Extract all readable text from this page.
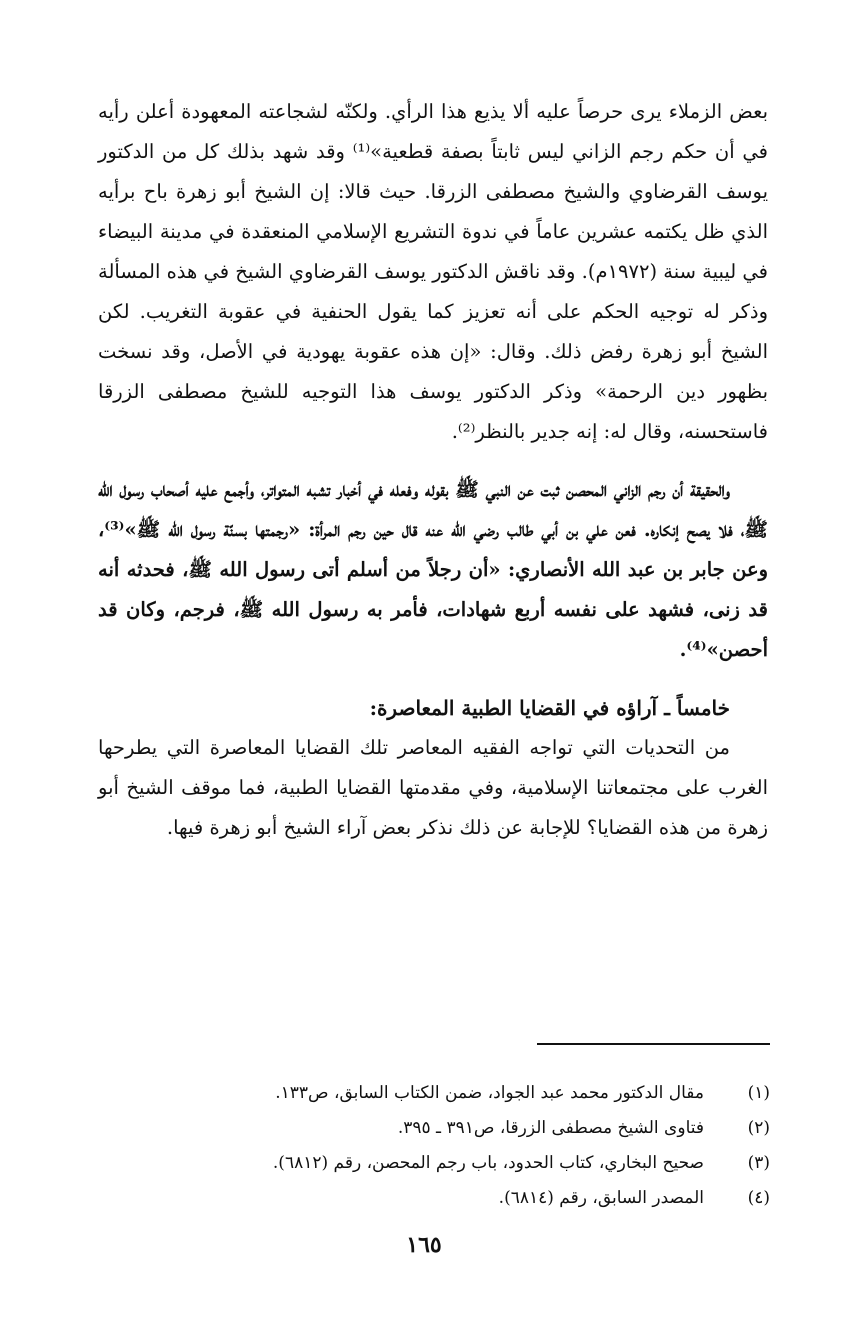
بعض الزملاء يرى حرصاً عليه ألا يذيع هذا الرأي. ولكنّه لشجاعته المعهودة أعلن رأيه في أن حكم رجم الزاني ليس ثابتاً بصفة قطعية»⁽¹⁾ وقد شهد بذلك كل من الدكتور يوسف القرضاوي والشيخ مصطفى الزرقا. حيث قالا: إن الشيخ أبو زهرة باح برأيه الذي ظل يكتمه عشرين عاماً في ندوة التشريع الإسلامي المنعقدة في مدينة البيضاء في ليبية سنة (١٩٧٢م). وقد ناقش الدكتور يوسف القرضاوي الشيخ في هذه المسألة وذكر له توجيه الحكم على أنه تعزيز كما يقول الحنفية في عقوبة التغريب. لكن الشيخ أبو زهرة رفض ذلك. وقال: «إن هذه عقوبة يهودية في الأصل، وقد نسخت بظهور دين الرحمة» وذكر الدكتور يوسف هذا التوجيه للشيخ مصطفى الزرقا فاستحسنه، وقال له: إنه جدير بالنظر⁽²⁾.

والحقيقة أن رجم الزاني المحصن ثبت عن النبي ﷺ بقوله وفعله في أخبار تشبه المتواتر، وأجمع عليه أصحاب رسول الله ﷺ، فلا يصح إنكاره. فعن علي بن أبي طالب رضي الله عنه قال حين رجم المرأة: «رجمتها بسنّة رسول الله ﷺ»⁽³⁾، وعن جابر بن عبد الله الأنصاري: «أن رجلاً من أسلم أتى رسول الله ﷺ، فحدثه أنه قد زنى، فشهد على نفسه أربع شهادات، فأمر به رسول الله ﷺ، فرجم، وكان قد أحصن»⁽⁴⁾.

خامساً ـ آراؤه في القضايا الطبية المعاصرة:

من التحديات التي تواجه الفقيه المعاصر تلك القضايا المعاصرة التي يطرحها الغرب على مجتمعاتنا الإسلامية، وفي مقدمتها القضايا الطبية، فما موقف الشيخ أبو زهرة من هذه القضايا؟ للإجابة عن ذلك نذكر بعض آراء الشيخ أبو زهرة فيها.

(١)
مقال الدكتور محمد عبد الجواد، ضمن الكتاب السابق، ص١٣٣.
(٢)
فتاوى الشيخ مصطفى الزرقا، ص٣٩١ ـ ٣٩٥.
(٣)
صحيح البخاري، كتاب الحدود، باب رجم المحصن، رقم (٦٨١٢).
(٤)
المصدر السابق، رقم (٦٨١٤).
١٦٥
